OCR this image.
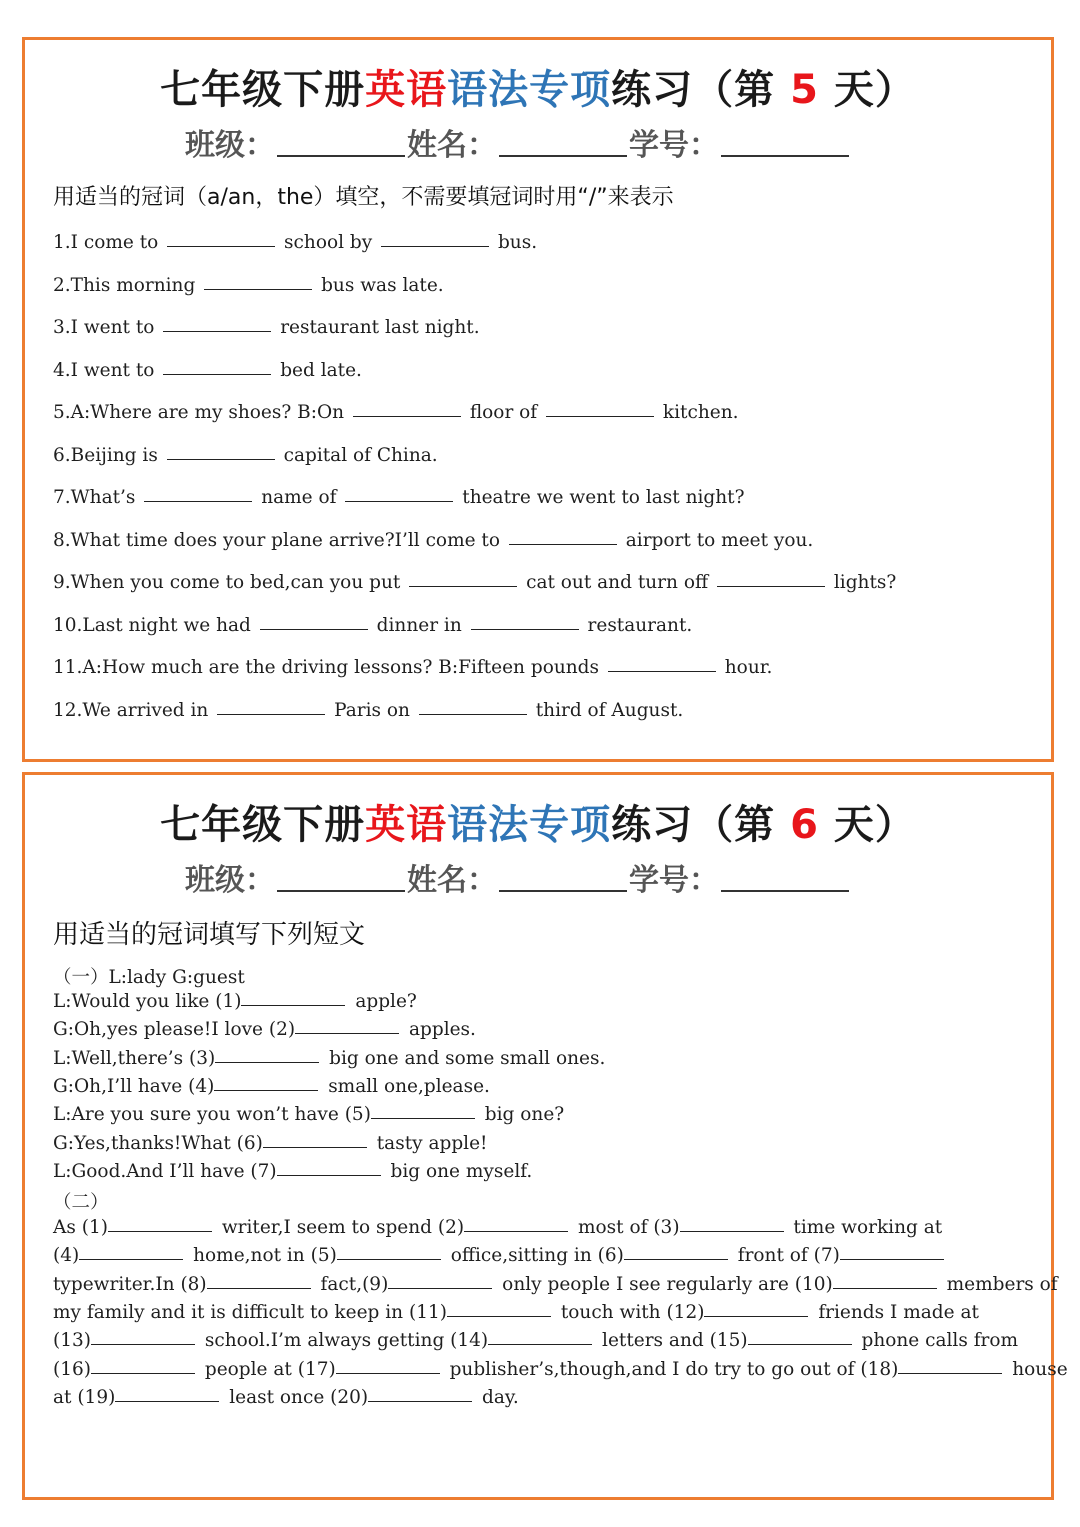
七年级下册英语语法专项练习（第 5 天）
班级：	姓名：	学号：
用适当的冠词（a/an，the）填空，不需要填冠词时用“/”来表示
1.I come to	school by	bus.
2.This morning	bus was late.
3.I went to	restaurant last night.
4.I went to	bed late.
5.A:Where are my shoes? B:On	floor of	kitchen.
6.Beijing is	capital of China.
7.What’s	name of	theatre we went to last night?
8.What time does your plane arrive?I’ll come to	airport to meet you.
9.When you come to bed,can you put	cat out and turn off	lights?
10.Last night we had	dinner in	restaurant.
11.A:How much are the driving lessons? B:Fifteen pounds	hour.
12.We arrived in	Paris on	third of August.
七年级下册英语语法专项练习（第 6 天）
班级：	姓名：	学号：
用适当的冠词填写下列短文
（一）L:lady G:guest
L:Would you like (1)	apple?
G:Oh,yes please!I love (2)	apples.
L:Well,there’s (3)	big one and some small ones.
G:Oh,I’ll have (4)	small one,please.
L:Are you sure you won’t have (5)	big one?
G:Yes,thanks!What (6)	tasty apple!
L:Good.And I’ll have (7)	big one myself.
（二）
As (1)	writer,I seem to spend (2)	most of (3)	time working at
(4)	home,not in (5)	office,sitting in (6)	front of (7)
typewriter.In (8)	fact,(9)	only people I see regularly are (10)	members of
my family and it is difficult to keep in (11)	touch with (12)	friends I made at
(13)	school.I’m always getting (14)	letters and (15)	phone calls from
(16)	people at (17)	publisher’s,though,and I do try to go out of (18)	house
at (19)	least once (20)	day.
